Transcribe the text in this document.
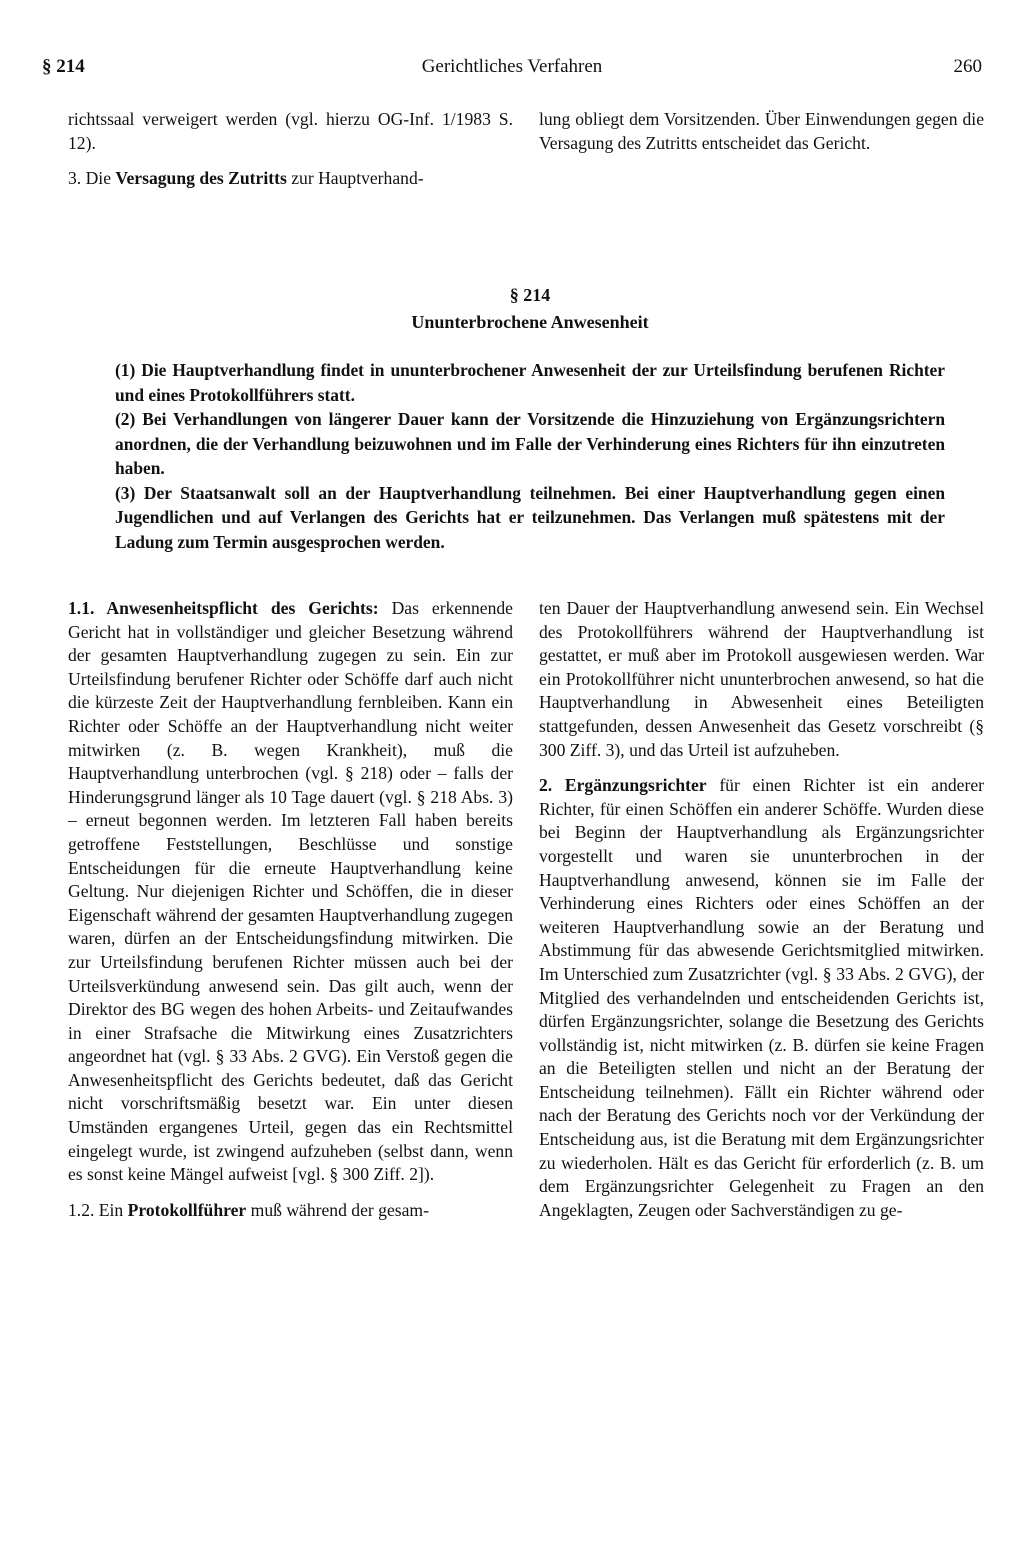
§ 214	Gerichtliches Verfahren	260

richtssaal verweigert werden (vgl. hierzu OG-Inf. 1/1983 S. 12).

3. Die Versagung des Zutritts zur Hauptverhand-

lung obliegt dem Vorsitzenden. Über Einwendungen gegen die Versagung des Zutritts entscheidet das Gericht.

§ 214
Ununterbrochene Anwesenheit

(1) Die Hauptverhandlung findet in ununterbrochener Anwesenheit der zur Urteilsfindung berufenen Richter und eines Protokollführers statt.

(2) Bei Verhandlungen von längerer Dauer kann der Vorsitzende die Hinzuziehung von Ergänzungsrichtern anordnen, die der Verhandlung beizuwohnen und im Falle der Verhinderung eines Richters für ihn einzutreten haben.

(3) Der Staatsanwalt soll an der Hauptverhandlung teilnehmen. Bei einer Hauptverhandlung gegen einen Jugendlichen und auf Verlangen des Gerichts hat er teilzunehmen. Das Verlangen muß spätestens mit der Ladung zum Termin ausgesprochen werden.

1.1. Anwesenheitspflicht des Gerichts: Das erkennende Gericht hat in vollständiger und gleicher Besetzung während der gesamten Hauptverhandlung zugegen zu sein. Ein zur Urteilsfindung berufener Richter oder Schöffe darf auch nicht die kürzeste Zeit der Hauptverhandlung fernbleiben. Kann ein Richter oder Schöffe an der Hauptverhandlung nicht weiter mitwirken (z. B. wegen Krankheit), muß die Hauptverhandlung unterbrochen (vgl. § 218) oder – falls der Hinderungsgrund länger als 10 Tage dauert (vgl. § 218 Abs. 3) – erneut begonnen werden. Im letzteren Fall haben bereits getroffene Feststellungen, Beschlüsse und sonstige Entscheidungen für die erneute Hauptverhandlung keine Geltung. Nur diejenigen Richter und Schöffen, die in dieser Eigenschaft während der gesamten Hauptverhandlung zugegen waren, dürfen an der Entscheidungsfindung mitwirken. Die zur Urteilsfindung berufenen Richter müssen auch bei der Urteilsverkündung anwesend sein. Das gilt auch, wenn der Direktor des BG wegen des hohen Arbeits- und Zeitaufwandes in einer Strafsache die Mitwirkung eines Zusatzrichters angeordnet hat (vgl. § 33 Abs. 2 GVG). Ein Verstoß gegen die Anwesenheitspflicht des Gerichts bedeutet, daß das Gericht nicht vorschriftsmäßig besetzt war. Ein unter diesen Umständen ergangenes Urteil, gegen das ein Rechtsmittel eingelegt wurde, ist zwingend aufzuheben (selbst dann, wenn es sonst keine Mängel aufweist [vgl. § 300 Ziff. 2]).

1.2. Ein Protokollführer muß während der gesam-

ten Dauer der Hauptverhandlung anwesend sein. Ein Wechsel des Protokollführers während der Hauptverhandlung ist gestattet, er muß aber im Protokoll ausgewiesen werden. War ein Protokollführer nicht ununterbrochen anwesend, so hat die Hauptverhandlung in Abwesenheit eines Beteiligten stattgefunden, dessen Anwesenheit das Gesetz vorschreibt (§ 300 Ziff. 3), und das Urteil ist aufzuheben.

2. Ergänzungsrichter für einen Richter ist ein anderer Richter, für einen Schöffen ein anderer Schöffe. Wurden diese bei Beginn der Hauptverhandlung als Ergänzungsrichter vorgestellt und waren sie ununterbrochen in der Hauptverhandlung anwesend, können sie im Falle der Verhinderung eines Richters oder eines Schöffen an der weiteren Hauptverhandlung sowie an der Beratung und Abstimmung für das abwesende Gerichtsmitglied mitwirken. Im Unterschied zum Zusatzrichter (vgl. § 33 Abs. 2 GVG), der Mitglied des verhandelnden und entscheidenden Gerichts ist, dürfen Ergänzungsrichter, solange die Besetzung des Gerichts vollständig ist, nicht mitwirken (z. B. dürfen sie keine Fragen an die Beteiligten stellen und nicht an der Beratung der Entscheidung teilnehmen). Fällt ein Richter während oder nach der Beratung des Gerichts noch vor der Verkündung der Entscheidung aus, ist die Beratung mit dem Ergänzungsrichter zu wiederholen. Hält es das Gericht für erforderlich (z. B. um dem Ergänzungsrichter Gelegenheit zu Fragen an den Angeklagten, Zeugen oder Sachverständigen zu ge-
